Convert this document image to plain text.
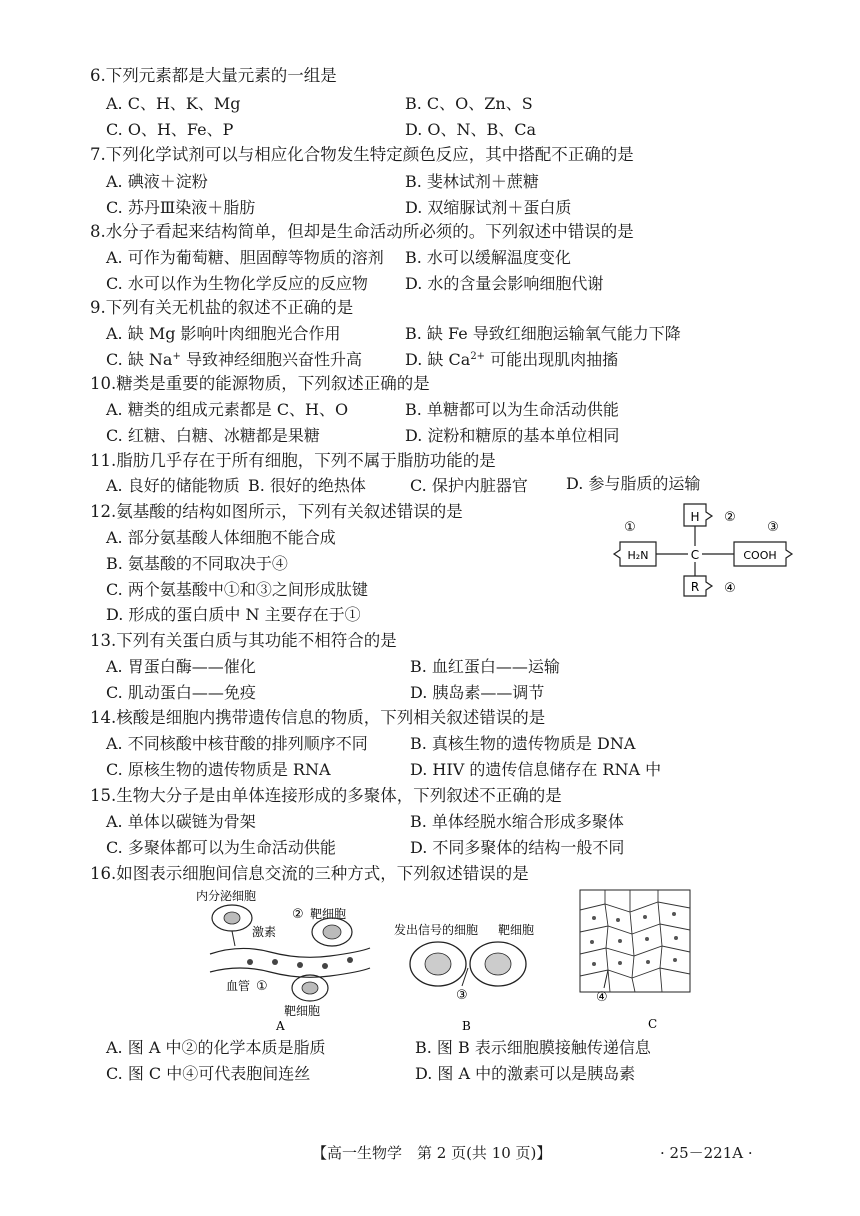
6.下列元素都是大量元素的一组是
A. C、H、K、Mg	B. C、O、Zn、S
C. O、H、Fe、P	D. O、N、B、Ca
7.下列化学试剂可以与相应化合物发生特定颜色反应，其中搭配不正确的是
A. 碘液＋淀粉	B. 斐林试剂＋蔗糖
C. 苏丹Ⅲ染液＋脂肪	D. 双缩脲试剂＋蛋白质
8.水分子看起来结构简单，但却是生命活动所必须的。下列叙述中错误的是
A. 可作为葡萄糖、胆固醇等物质的溶剂 B. 水可以缓解温度变化
C. 水可以作为生物化学反应的反应物 D. 水的含量会影响细胞代谢
9.下列有关无机盐的叙述不正确的是
A. 缺 Mg 影响叶肉细胞光合作用	B. 缺 Fe 导致红细胞运输氧气能力下降
C. 缺 Na+ 导致神经细胞兴奋性升高	D. 缺 $Ca^{2+}$ 可能出现肌肉抽搐
10.糖类是重要的能源物质，下列叙述正确的是
A. 糖类的组成元素都是 C、H、O	B. 单糖都可以为生命活动供能
C. 红糖、白糖、冰糖都是果糖	D. 淀粉和糖原的基本单位相同
11.脂肪几乎存在于所有细胞，下列不属于脂肪功能的是
A. 良好的储能物质 B. 很好的绝热体	C. 保护内脏器官 D. 参与脂质的运输
12.氨基酸的结构如图所示，下列有关叙述错误的是
A. 部分氨基酸人体细胞不能合成
B. 氨基酸的不同取决于④
C. 两个氨基酸中①和③之间形成肽键
D. 形成的蛋白质中 N 主要存在于①
H
H₂N	C	COOH
R
①
②
③
④
13.下列有关蛋白质与其功能不相符合的是
A. 胃蛋白酶——催化	B. 血红蛋白——运输
C. 肌动蛋白——免疫	D. 胰岛素——调节
14.核酸是细胞内携带遗传信息的物质，下列相关叙述错误的是
A. 不同核酸中核苷酸的排列顺序不同	B. 真核生物的遗传物质是 DNA
C. 原核生物的遗传物质是 RNA	D. HIV 的遗传信息储存在 RNA 中
15.生物大分子是由单体连接形成的多聚体，下列叙述不正确的是
A. 单体以碳链为骨架	B. 单体经脱水缩合形成多聚体
C. 多聚体都可以为生命活动供能	D. 不同多聚体的结构一般不同
16.如图表示细胞间信息交流的三种方式，下列叙述错误的是
内分泌细胞
激素
② 靶细胞
血管 ①
靶细胞
A
发出信号的细胞 靶细胞
③
B
④
C
A. 图 A 中②的化学本质是脂质	B. 图 B 表示细胞膜接触传递信息
C. 图 C 中④可代表胞间连丝	D. 图 A 中的激素可以是胰岛素
【高一生物学　第 2 页(共 10 页)】	· 25－221A ·
